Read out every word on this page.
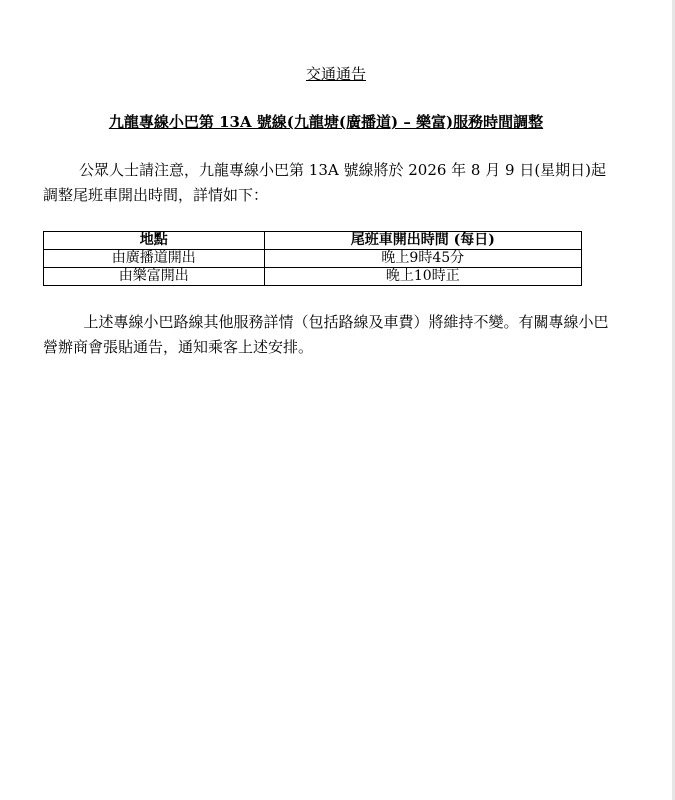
交通通告
九龍專線小巴第 13A 號線(九龍塘(廣播道) – 樂富)服務時間調整

公眾人士請注意，九龍專線小巴第 13A 號線將於 2026 年 8 月 9 日(星期日)起調整尾班車開出時間，詳情如下：

地點	尾班車開出時間 (每日)
由廣播道開出	晚上9時45分
由樂富開出	晚上10時正

上述專線小巴路線其他服務詳情（包括路線及車費）將維持不變。有關專線小巴營辦商會張貼通告，通知乘客上述安排。
